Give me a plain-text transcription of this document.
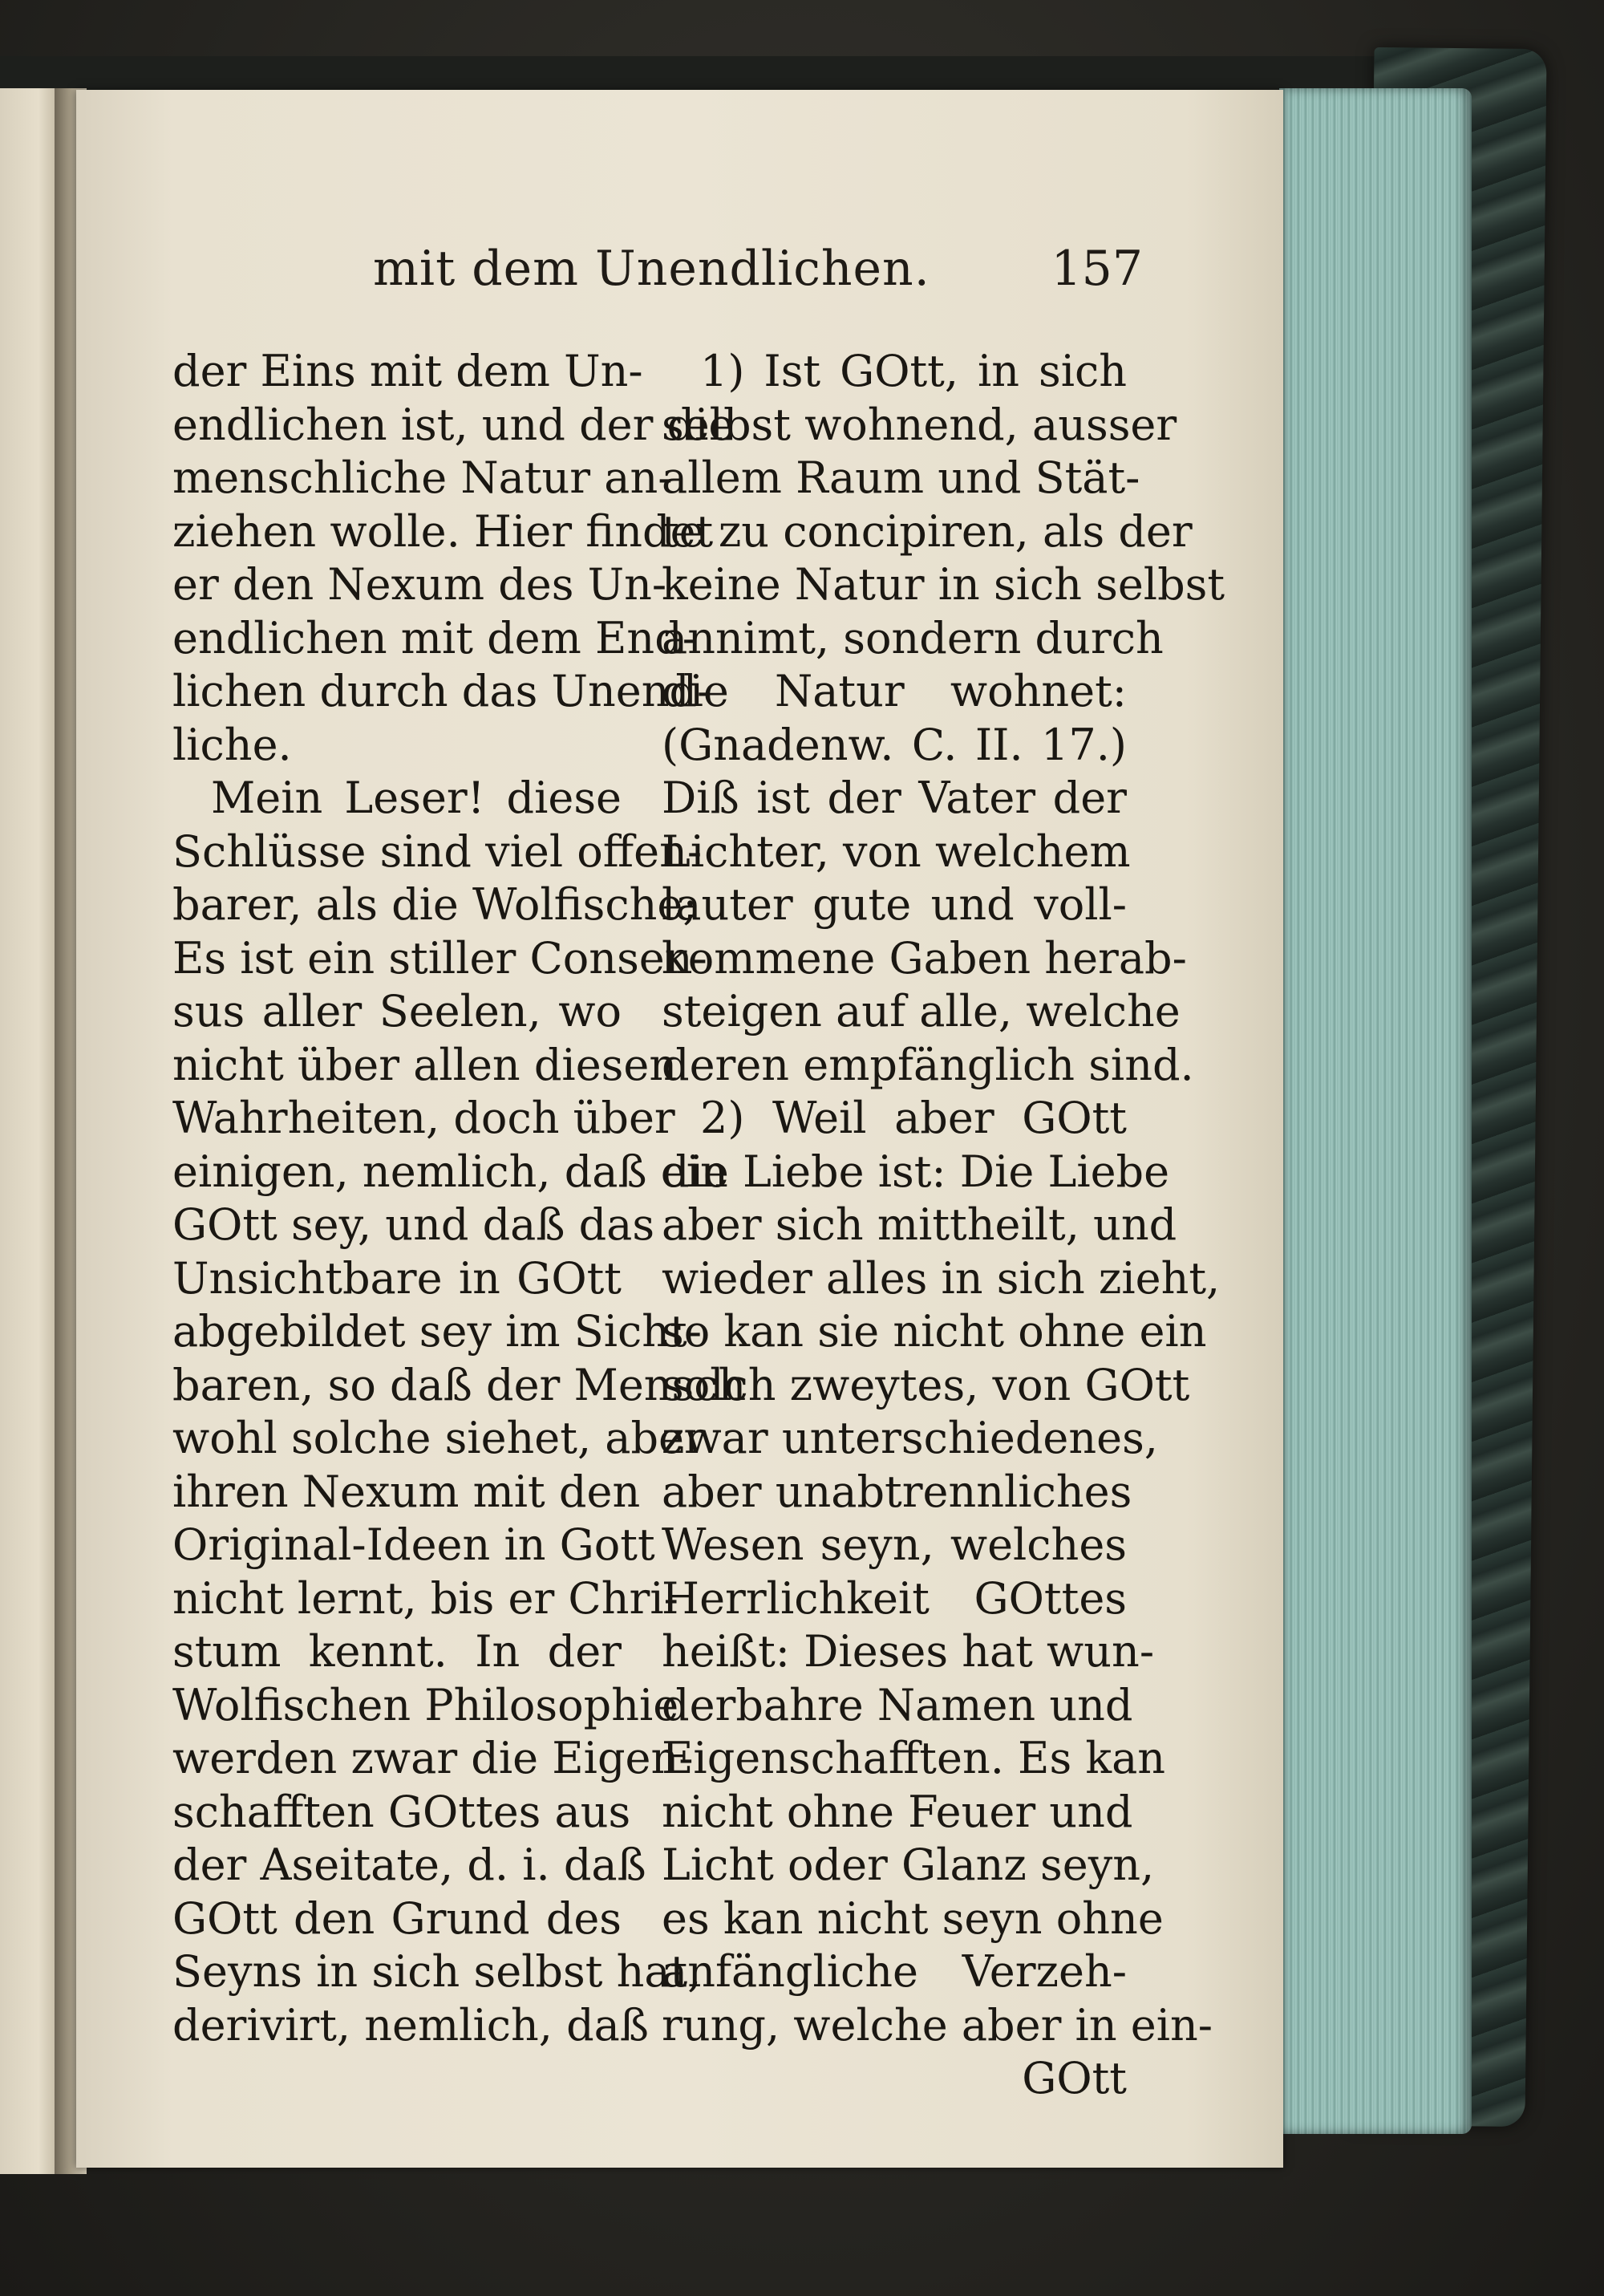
mit dem Unendlichen.	157
der Eins mit dem Un-
endlichen ist, und der die
menschliche Natur an-
ziehen wolle. Hier findet
er den Nexum des Un-
endlichen mit dem End-
lichen durch das Unend-
liche.
Mein Leser! diese
Schlüsse sind viel offen-
barer, als die Wolfische;
Es ist ein stiller Consen-
sus aller Seelen, wo
nicht über allen diesen
Wahrheiten, doch über
einigen, nemlich, daß ein
GOtt sey, und daß das
Unsichtbare in GOtt
abgebildet sey im Sicht-
baren, so daß der Mensch
wohl solche siehet, aber
ihren Nexum mit den
Original-Ideen in Gott
nicht lernt, bis er Chri-
stum kennt. In der
Wolfischen Philosophie
werden zwar die Eigen-
schafften GOttes aus
der Aseitate, d. i. daß
GOtt den Grund des
Seyns in sich selbst hat,
derivirt, nemlich, daß
1) Ist GOtt, in sich
selbst wohnend, ausser
allem Raum und Stät-
te zu concipiren, als der
keine Natur in sich selbst
annimt, sondern durch
die Natur wohnet:
(Gnadenw. C. II. 17.)
Diß ist der Vater der
Lichter, von welchem
lauter gute und voll-
kommene Gaben herab-
steigen auf alle, welche
deren empfänglich sind.
2) Weil aber GOtt
die Liebe ist: Die Liebe
aber sich mittheilt, und
wieder alles in sich zieht,
so kan sie nicht ohne ein
solch zweytes, von GOtt
zwar unterschiedenes,
aber unabtrennliches
Wesen seyn, welches
Herrlichkeit GOttes
heißt: Dieses hat wun-
derbahre Namen und
Eigenschafften. Es kan
nicht ohne Feuer und
Licht oder Glanz seyn,
es kan nicht seyn ohne
anfängliche Verzeh-
rung, welche aber in ein-
GOtt
